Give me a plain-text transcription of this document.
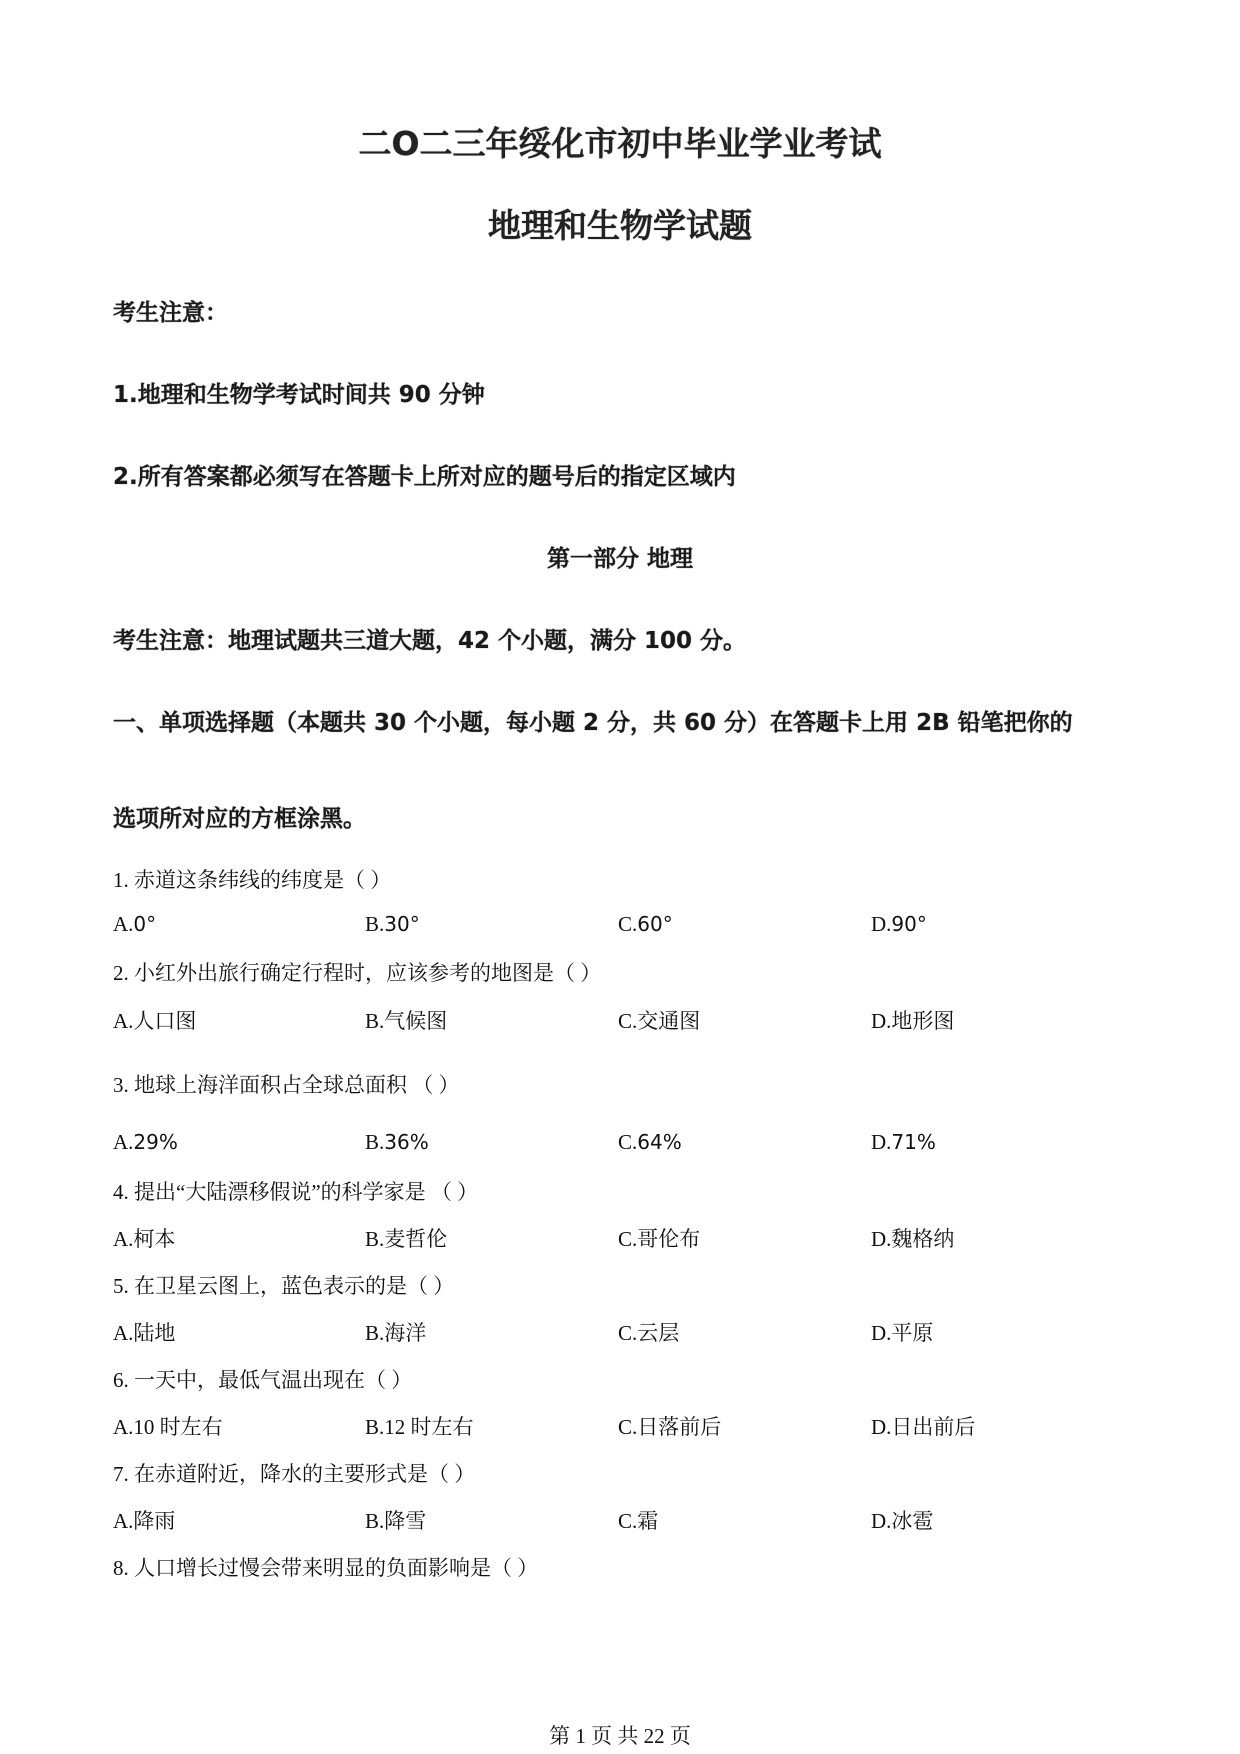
二O二三年绥化市初中毕业学业考试
地理和生物学试题
考生注意：
1.地理和生物学考试时间共 90 分钟
2.所有答案都必须写在答题卡上所对应的题号后的指定区域内
第一部分 地理
考生注意：地理试题共三道大题，42 个小题，满分 100 分。
一、单项选择题（本题共 30 个小题，每小题 2 分，共 60 分）在答题卡上用 2B 铅笔把你的
选项所对应的方框涂黑。
1. 赤道这条纬线的纬度是（ ）
A.0°	B.30°	C.60°	D.90°
2. 小红外出旅行确定行程时，应该参考的地图是（ ）
A.人口图	B.气候图	C.交通图	D.地形图
3. 地球上海洋面积占全球总面积 （ ）
A.29%	B.36%	C.64%	D.71%
4. 提出“大陆漂移假说”的科学家是 （ ）
A.柯本	B.麦哲伦	C.哥伦布	D.魏格纳
5. 在卫星云图上，蓝色表示的是（ ）
A.陆地	B.海洋	C.云层	D.平原
6. 一天中，最低气温出现在（ ）
A.10 时左右	B.12 时左右	C.日落前后	D.日出前后
7. 在赤道附近，降水的主要形式是（ ）
A.降雨	B.降雪	C.霜	D.冰雹
8. 人口增长过慢会带来明显的负面影响是（ ）
第 1 页 共 22 页
